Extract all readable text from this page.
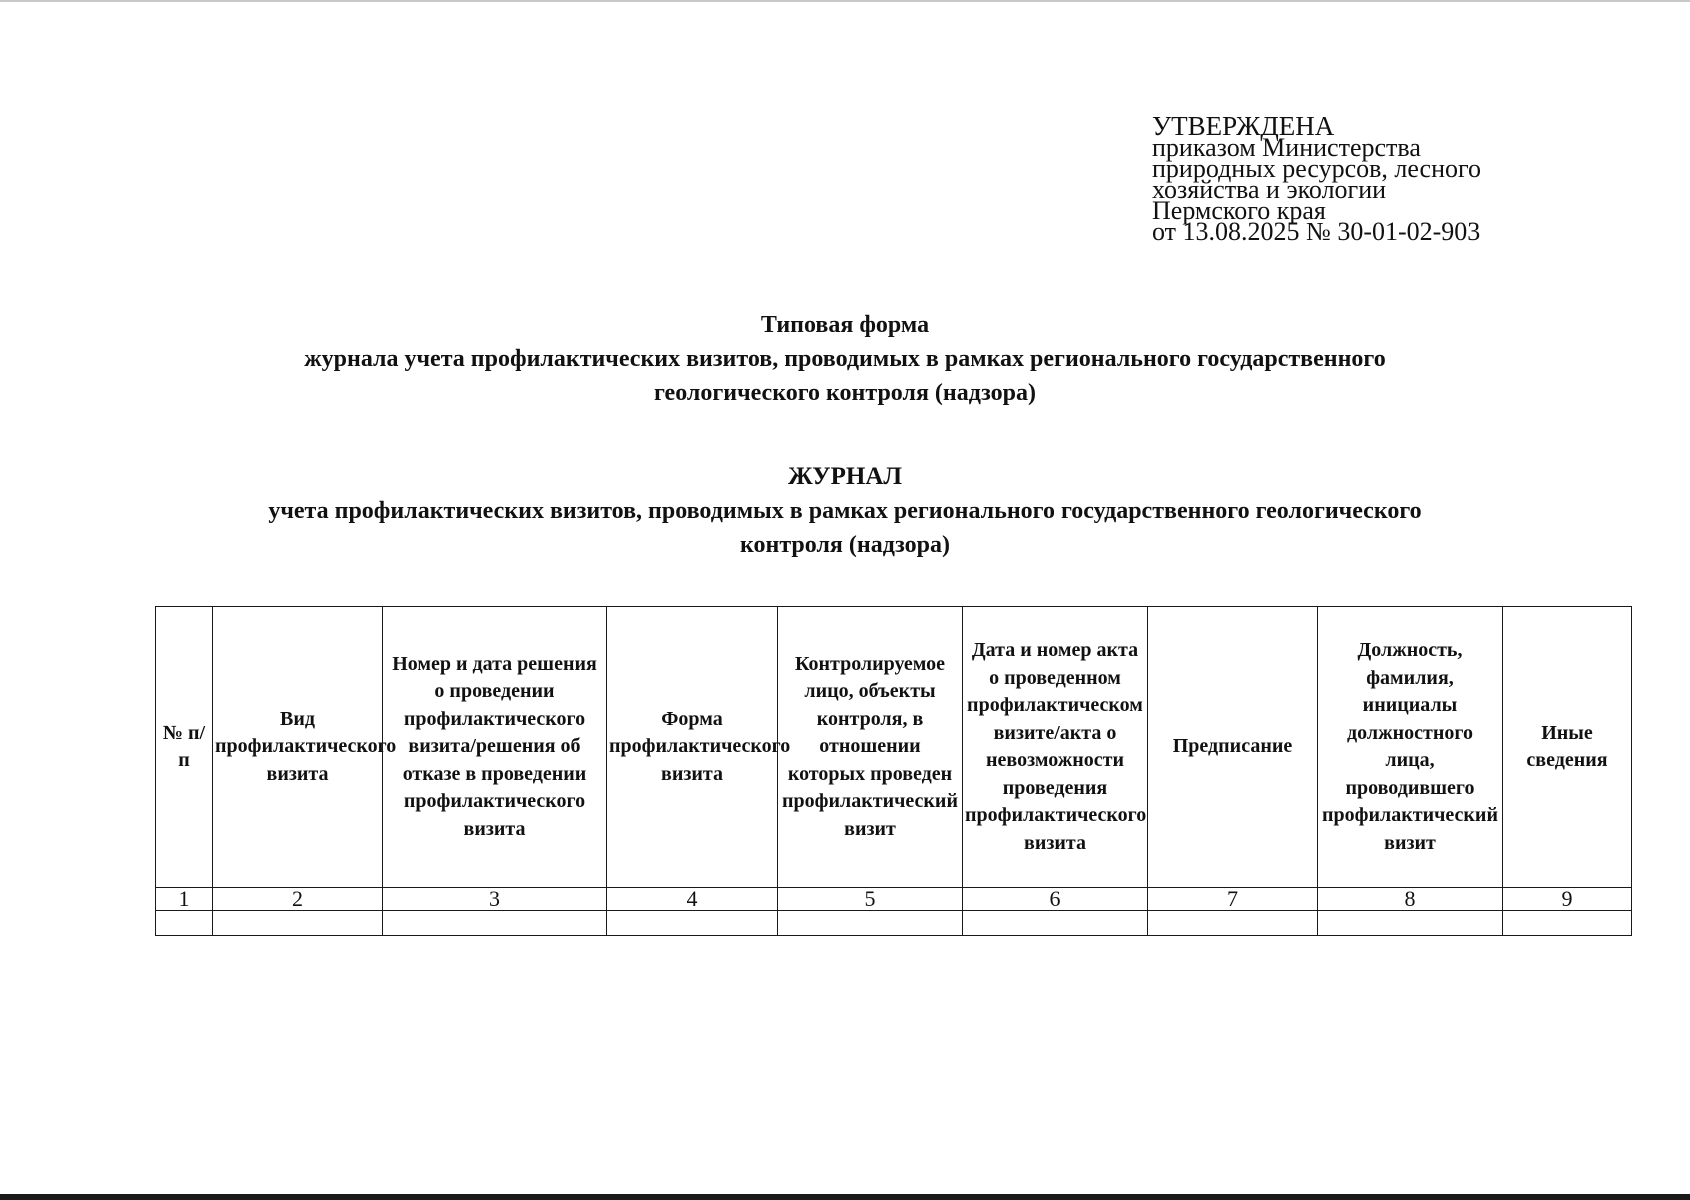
УТВЕРЖДЕНА
приказом Министерства
природных ресурсов, лесного
хозяйства и экологии
Пермского края
от 13.08.2025 № 30-01-02-903
Типовая форма
журнала учета профилактических визитов, проводимых в рамках регионального государственного
геологического контроля (надзора)
ЖУРНАЛ
учета профилактических визитов, проводимых в рамках регионального государственного геологического
контроля (надзора)
№ п/п	Вид профилактического визита	Номер и дата решения о проведении профилактического визита/решения об отказе в проведении профилактического визита	Форма профилактического визита	Контролируемое лицо, объекты контроля, в отношении которых проведен профилактический визит	Дата и номер акта о проведенном профилактическом визите/акта о невозможности проведения профилактического визита	Предписание	Должность, фамилия, инициалы должностного лица, проводившего профилактический визит	Иные сведения
1	2	3	4	5	6	7	8	9
